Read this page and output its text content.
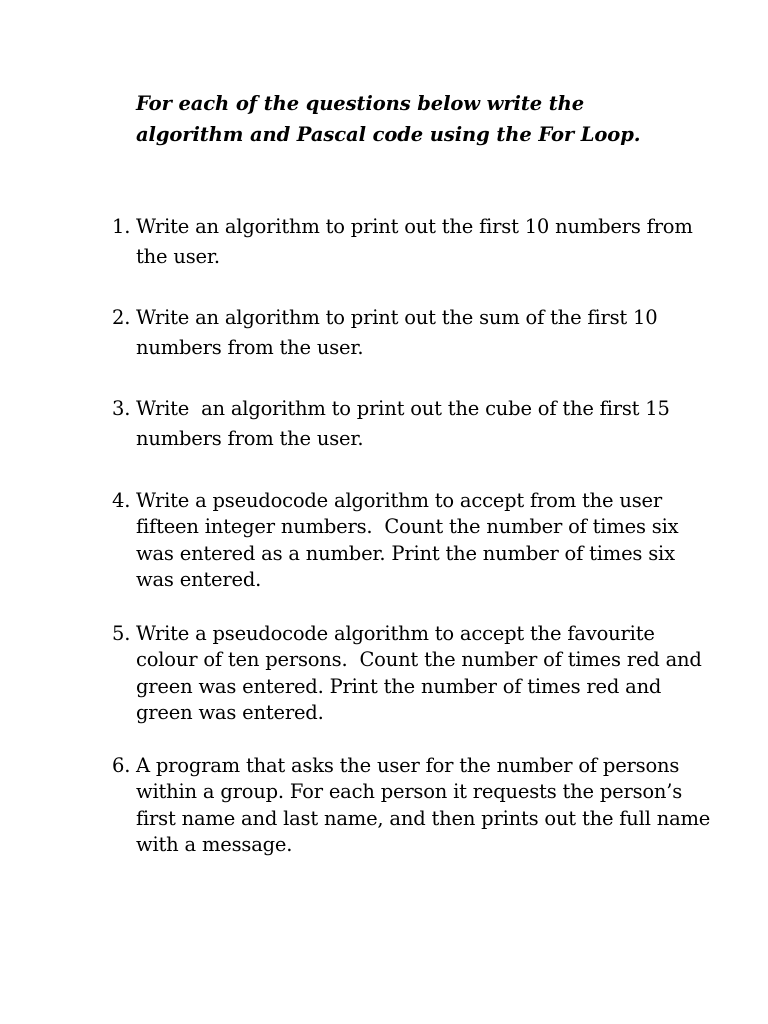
For each of the questions below write the algorithm and Pascal code using the For Loop.

1. Write an algorithm to print out the first 10 numbers from the user.
2. Write an algorithm to print out the sum of the first 10 numbers from the user.
3. Write  an algorithm to print out the cube of the first 15 numbers from the user.
4. Write a pseudocode algorithm to accept from the user fifteen integer numbers.  Count the number of times six was entered as a number. Print the number of times six was entered.
5. Write a pseudocode algorithm to accept the favourite colour of ten persons.  Count the number of times red and green was entered. Print the number of times red and green was entered.
6. A program that asks the user for the number of persons within a group. For each person it requests the person’s first name and last name, and then prints out the full name with a message.
